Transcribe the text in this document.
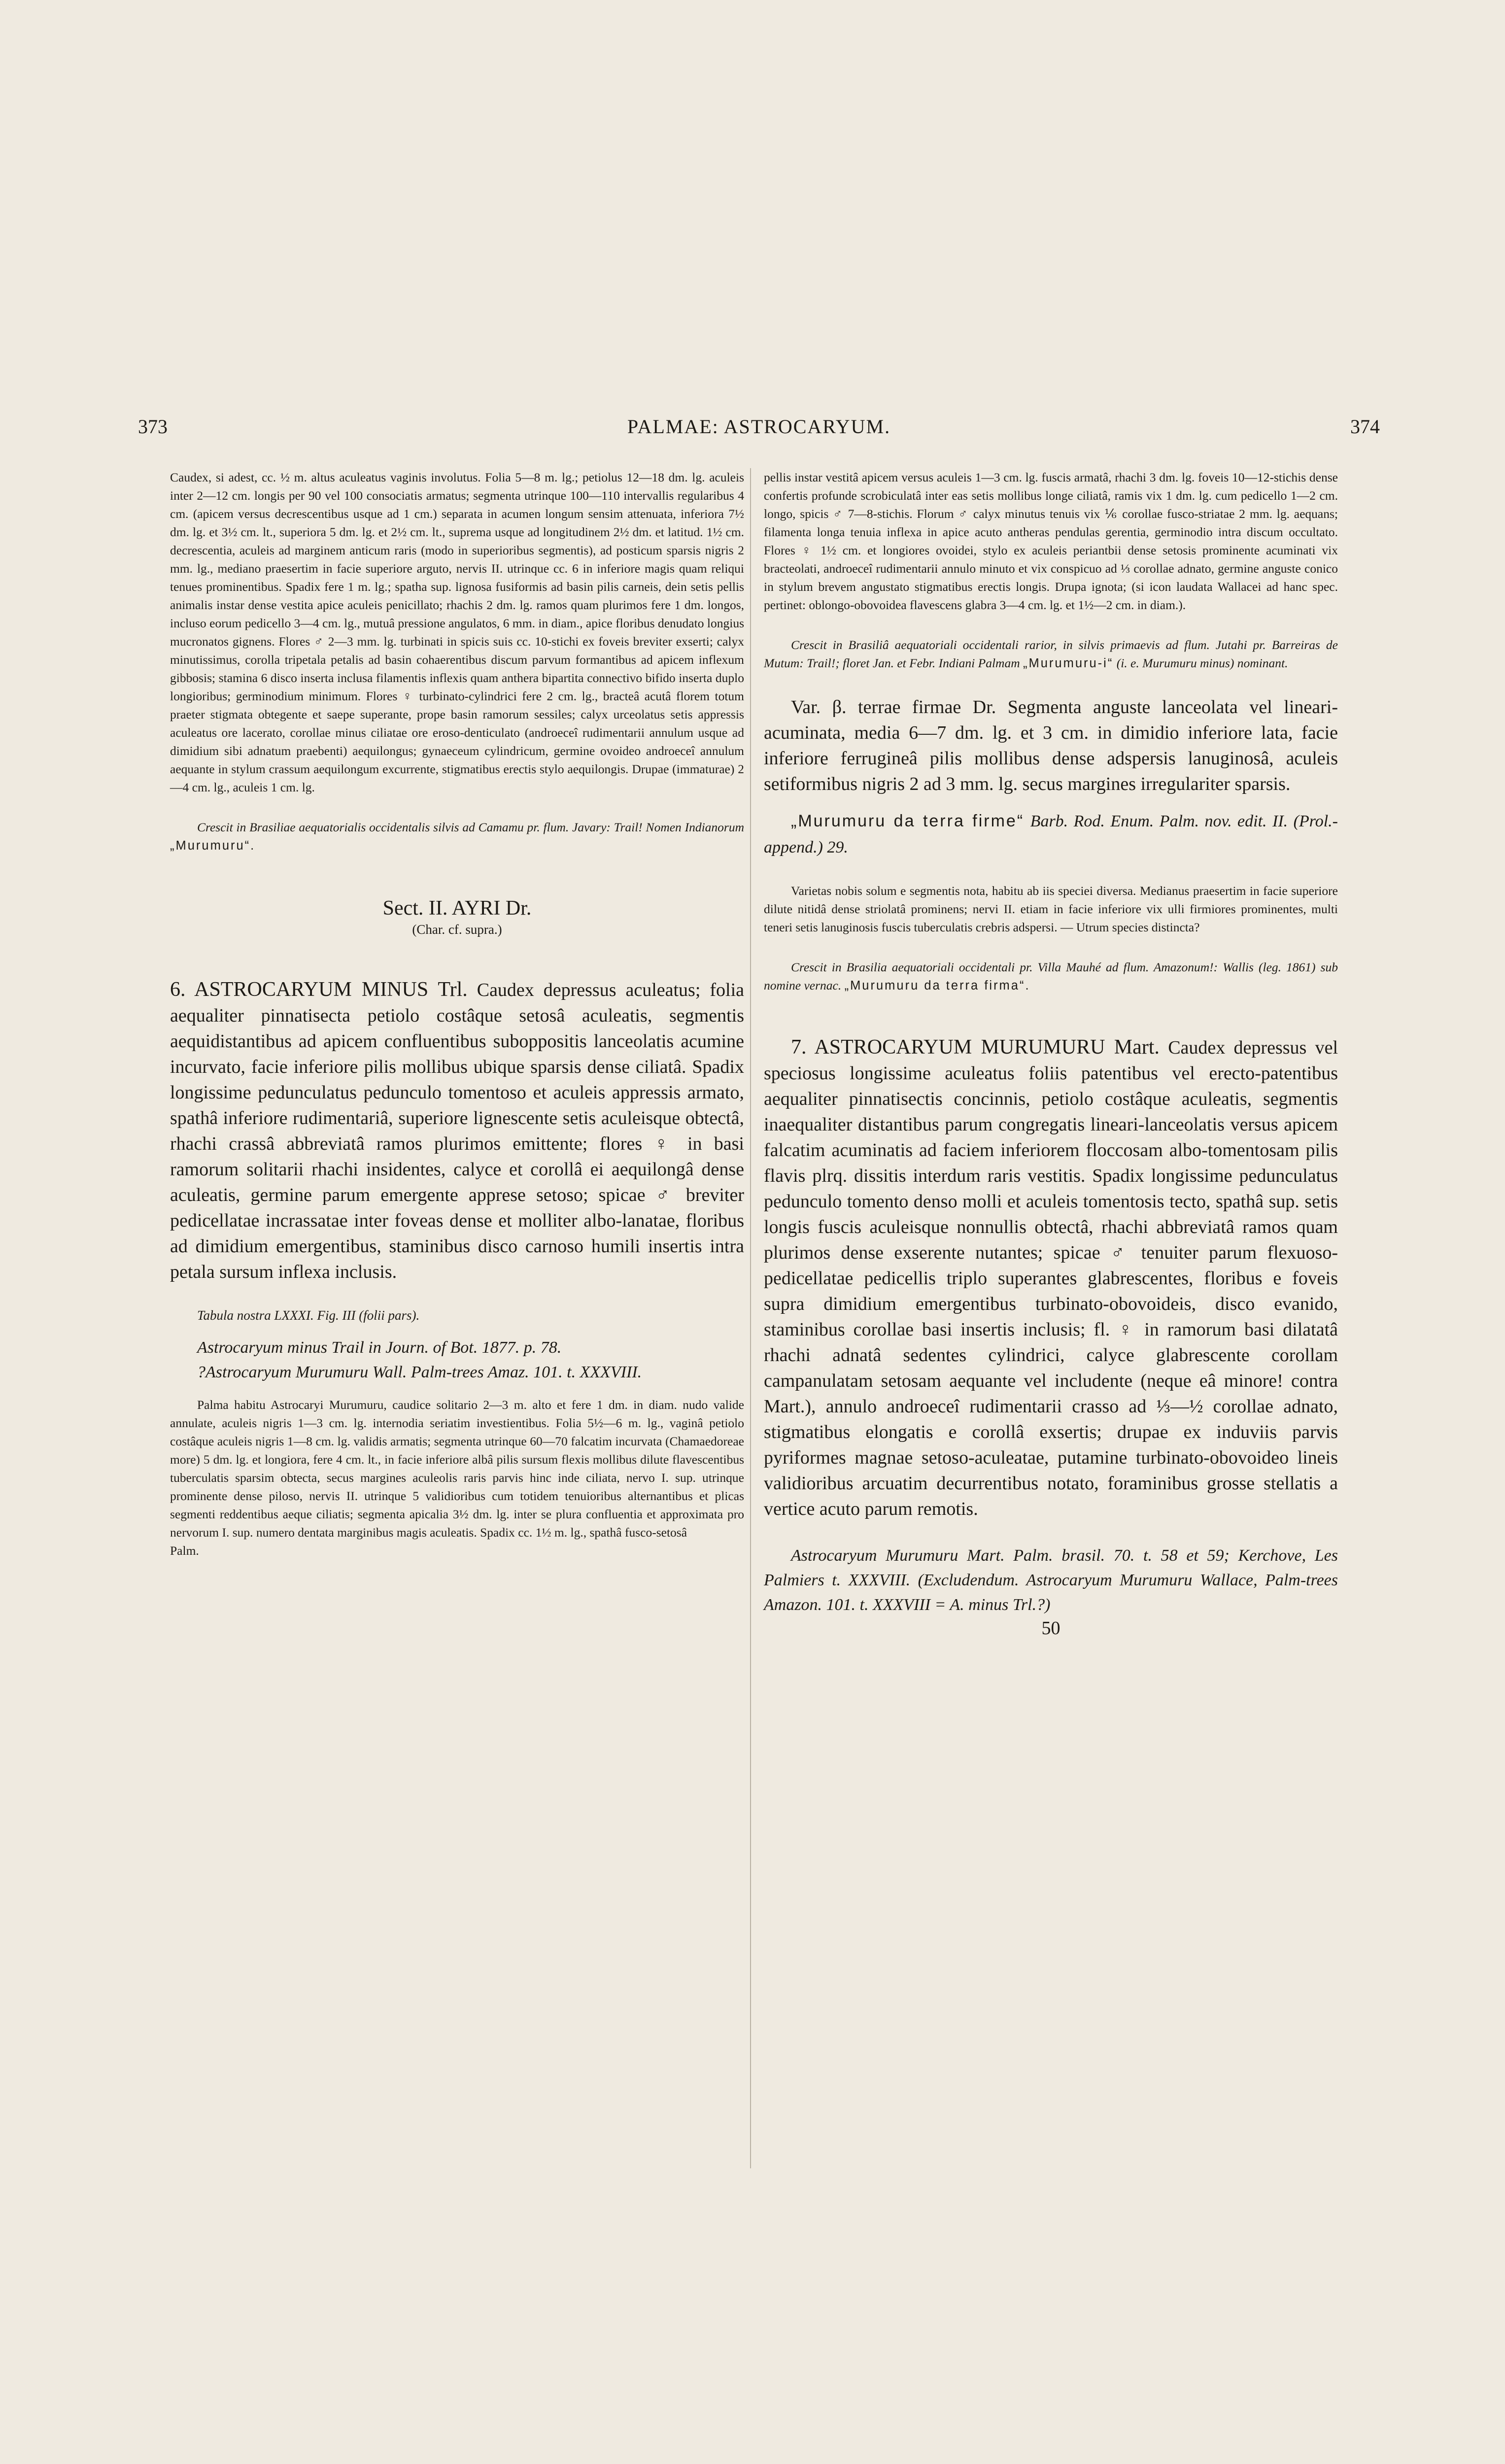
373	PALMAE: ASTROCARYUM.	374

Caudex, si adest, cc. ½ m. altus aculeatus vaginis involutus. Folia 5—8 m. lg.; petiolus 12—18 dm. lg. aculeis inter 2—12 cm. longis per 90 vel 100 consociatis armatus; segmenta utrinque 100—110 intervallis regularibus 4 cm. (apicem versus decrescentibus usque ad 1 cm.) separata in acumen longum sensim attenuata, inferiora 7½ dm. lg. et 3½ cm. lt., superiora 5 dm. lg. et 2½ cm. lt., suprema usque ad longitudinem 2½ dm. et latitud. 1½ cm. decrescentia, aculeis ad marginem anticum raris (modo in superioribus segmentis), ad posticum sparsis nigris 2 mm. lg., mediano praesertim in facie superiore arguto, nervis II. utrinque cc. 6 in inferiore magis quam reliqui tenues prominentibus. Spadix fere 1 m. lg.; spatha sup. lignosa fusiformis ad basin pilis carneis, dein setis pellis animalis instar dense vestita apice aculeis penicillato; rhachis 2 dm. lg. ramos quam plurimos fere 1 dm. longos, incluso eorum pedicello 3—4 cm. lg., mutuâ pressione angulatos, 6 mm. in diam., apice floribus denudato longius mucronatos gignens. Flores ♂ 2—3 mm. lg. turbinati in spicis suis cc. 10-stichi ex foveis breviter exserti; calyx minutissimus, corolla tripetala petalis ad basin cohaerentibus discum parvum formantibus ad apicem inflexum gibbosis; stamina 6 disco inserta inclusa filamentis inflexis quam anthera bipartita connectivo bifido inserta duplo longioribus; germinodium minimum. Flores ♀ turbinato-cylindrici fere 2 cm. lg., bracteâ acutâ florem totum praeter stigmata obtegente et saepe superante, prope basin ramorum sessiles; calyx urceolatus setis appressis aculeatus ore lacerato, corollae minus ciliatae ore eroso-denticulato (androeceî rudimentarii annulum usque ad dimidium sibi adnatum praebenti) aequilongus; gynaeceum cylindricum, germine ovoideo androeceî annulum aequante in stylum crassum aequilongum excurrente, stigmatibus erectis stylo aequilongis. Drupae (immaturae) 2—4 cm. lg., aculeis 1 cm. lg.

Crescit in Brasiliae aequatorialis occidentalis silvis ad Camamu pr. flum. Javary: Trail! Nomen Indianorum „Murumuru“.

Sect. II. AYRI Dr.
(Char. cf. supra.)

6. ASTROCARYUM MINUS Trl. Caudex depressus aculeatus; folia aequaliter pinnatisecta petiolo costâque setosâ aculeatis, segmentis aequidistantibus ad apicem confluentibus suboppositis lanceolatis acumine incurvato, facie inferiore pilis mollibus ubique sparsis dense ciliatâ. Spadix longissime pedunculatus pedunculo tomentoso et aculeis appressis armato, spathâ inferiore rudimentariâ, superiore lignescente setis aculeisque obtectâ, rhachi crassâ abbreviatâ ramos plurimos emittente; flores ♀ in basi ramorum solitarii rhachi insidentes, calyce et corollâ ei aequilongâ dense aculeatis, germine parum emergente apprese setoso; spicae ♂ breviter pedicellatae incrassatae inter foveas dense et molliter albo-lanatae, floribus ad dimidium emergentibus, staminibus disco carnoso humili insertis intra petala sursum inflexa inclusis.

Tabula nostra LXXXI. Fig. III (folii pars).

Astrocaryum minus Trail in Journ. of Bot. 1877. p. 78.

?Astrocaryum Murumuru Wall. Palm-trees Amaz. 101. t. XXXVIII.

Palma habitu Astrocaryi Murumuru, caudice solitario 2—3 m. alto et fere 1 dm. in diam. nudo valide annulate, aculeis nigris 1—3 cm. lg. internodia seriatim investientibus. Folia 5½—6 m. lg., vaginâ petiolo costâque aculeis nigris 1—8 cm. lg. validis armatis; segmenta utrinque 60—70 falcatim incurvata (Chamaedoreae more) 5 dm. lg. et longiora, fere 4 cm. lt., in facie inferiore albâ pilis sursum flexis mollibus dilute flavescentibus tuberculatis sparsim obtecta, secus margines aculeolis raris parvis hinc inde ciliata, nervo I. sup. utrinque prominente dense piloso, nervis II. utrinque 5 validioribus cum totidem tenuioribus alternantibus et plicas segmenti reddentibus aeque ciliatis; segmenta apicalia 3½ dm. lg. inter se plura confluentia et approximata pro nervorum I. sup. numero dentata marginibus magis aculeatis. Spadix cc. 1½ m. lg., spathâ fusco-setosâ

Palm.

pellis instar vestitâ apicem versus aculeis 1—3 cm. lg. fuscis armatâ, rhachi 3 dm. lg. foveis 10—12-stichis dense confertis profunde scrobiculatâ inter eas setis mollibus longe ciliatâ, ramis vix 1 dm. lg. cum pedicello 1—2 cm. longo, spicis ♂ 7—8-stichis. Florum ♂ calyx minutus tenuis vix ⅙ corollae fusco-striatae 2 mm. lg. aequans; filamenta longa tenuia inflexa in apice acuto antheras pendulas gerentia, germinodio intra discum occultato. Flores ♀ 1½ cm. et longiores ovoidei, stylo ex aculeis periantbii dense setosis prominente acuminati vix bracteolati, androeceî rudimentarii annulo minuto et vix conspicuo ad ⅓ corollae adnato, germine anguste conico in stylum brevem angustato stigmatibus erectis longis. Drupa ignota; (si icon laudata Wallacei ad hanc spec. pertinet: oblongo-obovoidea flavescens glabra 3—4 cm. lg. et 1½—2 cm. in diam.).

Crescit in Brasiliâ aequatoriali occidentali rarior, in silvis primaevis ad flum. Jutahi pr. Barreiras de Mutum: Trail!; floret Jan. et Febr. Indiani Palmam „Murumuru-i“ (i. e. Murumuru minus) nominant.

Var. β. terrae firmae Dr. Segmenta anguste lanceolata vel lineari-acuminata, media 6—7 dm. lg. et 3 cm. in dimidio inferiore lata, facie inferiore ferrugineâ pilis mollibus dense adspersis lanuginosâ, aculeis setiformibus nigris 2 ad 3 mm. lg. secus margines irregulariter sparsis.

„Murumuru da terra firme“ Barb. Rod. Enum. Palm. nov. edit. II. (Prol.-append.) 29.

Varietas nobis solum e segmentis nota, habitu ab iis speciei diversa. Medianus praesertim in facie superiore dilute nitidâ dense striolatâ prominens; nervi II. etiam in facie inferiore vix ulli firmiores prominentes, multi teneri setis lanuginosis fuscis tuberculatis crebris adspersi. — Utrum species distincta?

Crescit in Brasilia aequatoriali occidentali pr. Villa Mauhé ad flum. Amazonum!: Wallis (leg. 1861) sub nomine vernac. „Murumuru da terra firma“.

7. ASTROCARYUM MURUMURU Mart. Caudex depressus vel speciosus longissime aculeatus foliis patentibus vel erecto-patentibus aequaliter pinnatisectis concinnis, petiolo costâque aculeatis, segmentis inaequaliter distantibus parum congregatis lineari-lanceolatis versus apicem falcatim acuminatis ad faciem inferiorem floccosam albo-tomentosam pilis flavis plrq. dissitis interdum raris vestitis. Spadix longissime pedunculatus pedunculo tomento denso molli et aculeis tomentosis tecto, spathâ sup. setis longis fuscis aculeisque nonnullis obtectâ, rhachi abbreviatâ ramos quam plurimos dense exserente nutantes; spicae ♂ tenuiter parum flexuoso-pedicellatae pedicellis triplo superantes glabrescentes, floribus e foveis supra dimidium emergentibus turbinato-obovoideis, disco evanido, staminibus corollae basi insertis inclusis; fl. ♀ in ramorum basi dilatatâ rhachi adnatâ sedentes cylindrici, calyce glabrescente corollam campanulatam setosam aequante vel includente (neque eâ minore! contra Mart.), annulo androeceî rudimentarii crasso ad ⅓—½ corollae adnato, stigmatibus elongatis e corollâ exsertis; drupae ex induviis parvis pyriformes magnae setoso-aculeatae, putamine turbinato-obovoideo lineis validioribus arcuatim decurrentibus notato, foraminibus grosse stellatis a vertice acuto parum remotis.

Astrocaryum Murumuru Mart. Palm. brasil. 70. t. 58 et 59; Kerchove, Les Palmiers t. XXXVIII. (Excludendum. Astrocaryum Murumuru Wallace, Palm-trees Amazon. 101. t. XXXVIII = A. minus Trl.?)

50
